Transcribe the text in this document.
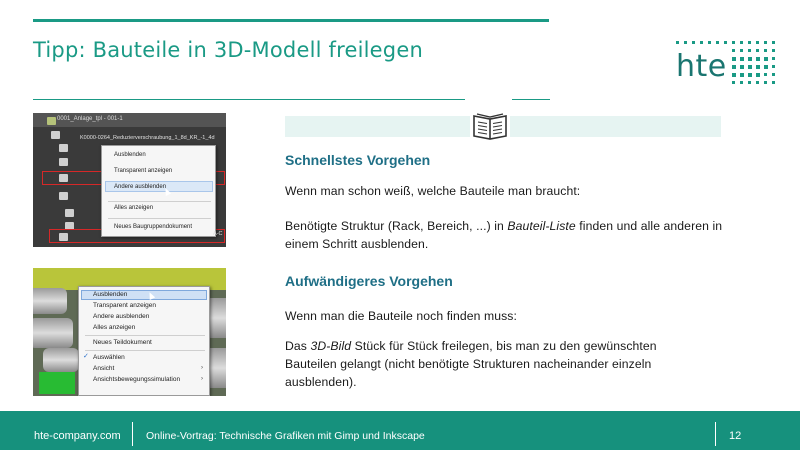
Tipp: Bauteile in 3D-Modell freilegen	hte
0001_Anlage_tpl - 001-1
K0000-0264_Reduzierverschraubung_1_8d_KR_-1_4d
Ausblenden
Transparent anzeigen
Andere ausblenden
Alles anzeigen
Neues Baugruppendokument
A-C
Ausblenden
Transparent anzeigen
Andere ausblenden
Alles anzeigen
Neues Teildokument
✓ Auswählen
Ansicht	›
Ansichtsbewegungssimulation	›
Schnellstes Vorgehen
Wenn man schon weiß, welche Bauteile man braucht:
Benötigte Struktur (Rack, Bereich, ...) in Bauteil-Liste finden und alle anderen in einem Schritt ausblenden.
Aufwändigeres Vorgehen
Wenn man die Bauteile noch finden muss:
Das 3D-Bild Stück für Stück freilegen, bis man zu den gewünschten Bauteilen gelangt (nicht benötigte Strukturen nacheinander einzeln ausblenden).
hte-company.com Online-Vortrag: Technische Grafiken mit Gimp und Inkscape	12
